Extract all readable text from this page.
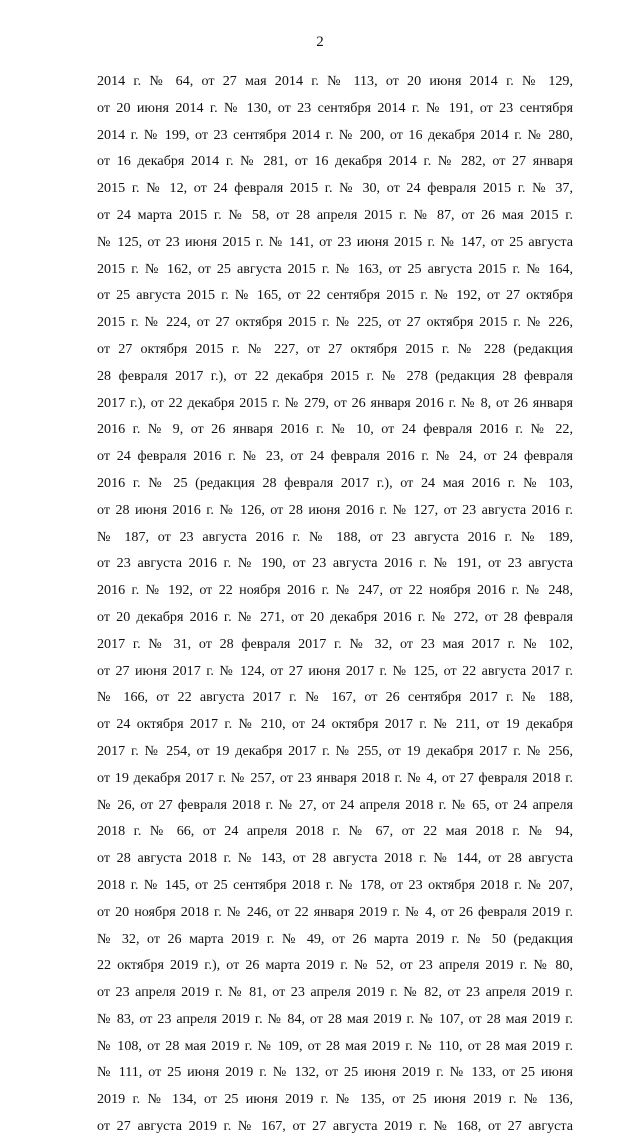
2
2014 г. № 64, от 27 мая 2014 г. № 113, от 20 июня 2014 г. № 129,
от 20 июня 2014 г. № 130, от 23 сентября 2014 г. № 191, от 23 сентября
2014 г. № 199, от 23 сентября 2014 г. № 200, от 16 декабря 2014 г. № 280,
от 16 декабря 2014 г. № 281, от 16 декабря 2014 г. № 282, от 27 января
2015 г. № 12, от 24 февраля 2015 г. № 30, от 24 февраля 2015 г. № 37,
от 24 марта 2015 г. № 58, от 28 апреля 2015 г. № 87, от 26 мая 2015 г.
№ 125, от 23 июня 2015 г. № 141, от 23 июня 2015 г. № 147, от 25 августа
2015 г. № 162, от 25 августа 2015 г. № 163, от 25 августа 2015 г. № 164,
от 25 августа 2015 г. № 165, от 22 сентября 2015 г. № 192, от 27 октября
2015 г. № 224, от 27 октября 2015 г. № 225, от 27 октября 2015 г. № 226,
от 27 октября 2015 г. № 227, от 27 октября 2015 г. № 228 (редакция
28 февраля 2017 г.), от 22 декабря 2015 г. № 278 (редакция 28 февраля
2017 г.), от 22 декабря 2015 г. № 279, от 26 января 2016 г. № 8, от 26 января
2016 г. № 9, от 26 января 2016 г. № 10, от 24 февраля 2016 г. № 22,
от 24 февраля 2016 г. № 23, от 24 февраля 2016 г. № 24, от 24 февраля
2016 г. № 25 (редакция 28 февраля 2017 г.), от 24 мая 2016 г. № 103,
от 28 июня 2016 г. № 126, от 28 июня 2016 г. № 127, от 23 августа 2016 г.
№ 187, от 23 августа 2016 г. № 188, от 23 августа 2016 г. № 189,
от 23 августа 2016 г. № 190, от 23 августа 2016 г. № 191, от 23 августа
2016 г. № 192, от 22 ноября 2016 г. № 247, от 22 ноября 2016 г. № 248,
от 20 декабря 2016 г. № 271, от 20 декабря 2016 г. № 272, от 28 февраля
2017 г. № 31, от 28 февраля 2017 г. № 32, от 23 мая 2017 г. № 102,
от 27 июня 2017 г. № 124, от 27 июня 2017 г. № 125, от 22 августа 2017 г.
№ 166, от 22 августа 2017 г. № 167, от 26 сентября 2017 г. № 188,
от 24 октября 2017 г. № 210, от 24 октября 2017 г. № 211, от 19 декабря
2017 г. № 254, от 19 декабря 2017 г. № 255, от 19 декабря 2017 г. № 256,
от 19 декабря 2017 г. № 257, от 23 января 2018 г. № 4, от 27 февраля 2018 г.
№ 26, от 27 февраля 2018 г. № 27, от 24 апреля 2018 г. № 65, от 24 апреля
2018 г. № 66, от 24 апреля 2018 г. № 67, от 22 мая 2018 г. № 94,
от 28 августа 2018 г. № 143, от 28 августа 2018 г. № 144, от 28 августа
2018 г. № 145, от 25 сентября 2018 г. № 178, от 23 октября 2018 г. № 207,
от 20 ноября 2018 г. № 246, от 22 января 2019 г. № 4, от 26 февраля 2019 г.
№ 32, от 26 марта 2019 г. № 49, от 26 марта 2019 г. № 50 (редакция
22 октября 2019 г.), от 26 марта 2019 г. № 52, от 23 апреля 2019 г. № 80,
от 23 апреля 2019 г. № 81, от 23 апреля 2019 г. № 82, от 23 апреля 2019 г.
№ 83, от 23 апреля 2019 г. № 84, от 28 мая 2019 г. № 107, от 28 мая 2019 г.
№ 108, от 28 мая 2019 г. № 109, от 28 мая 2019 г. № 110, от 28 мая 2019 г.
№ 111, от 25 июня 2019 г. № 132, от 25 июня 2019 г. № 133, от 25 июня
2019 г. № 134, от 25 июня 2019 г. № 135, от 25 июня 2019 г. № 136,
от 27 августа 2019 г. № 167, от 27 августа 2019 г. № 168, от 27 августа
